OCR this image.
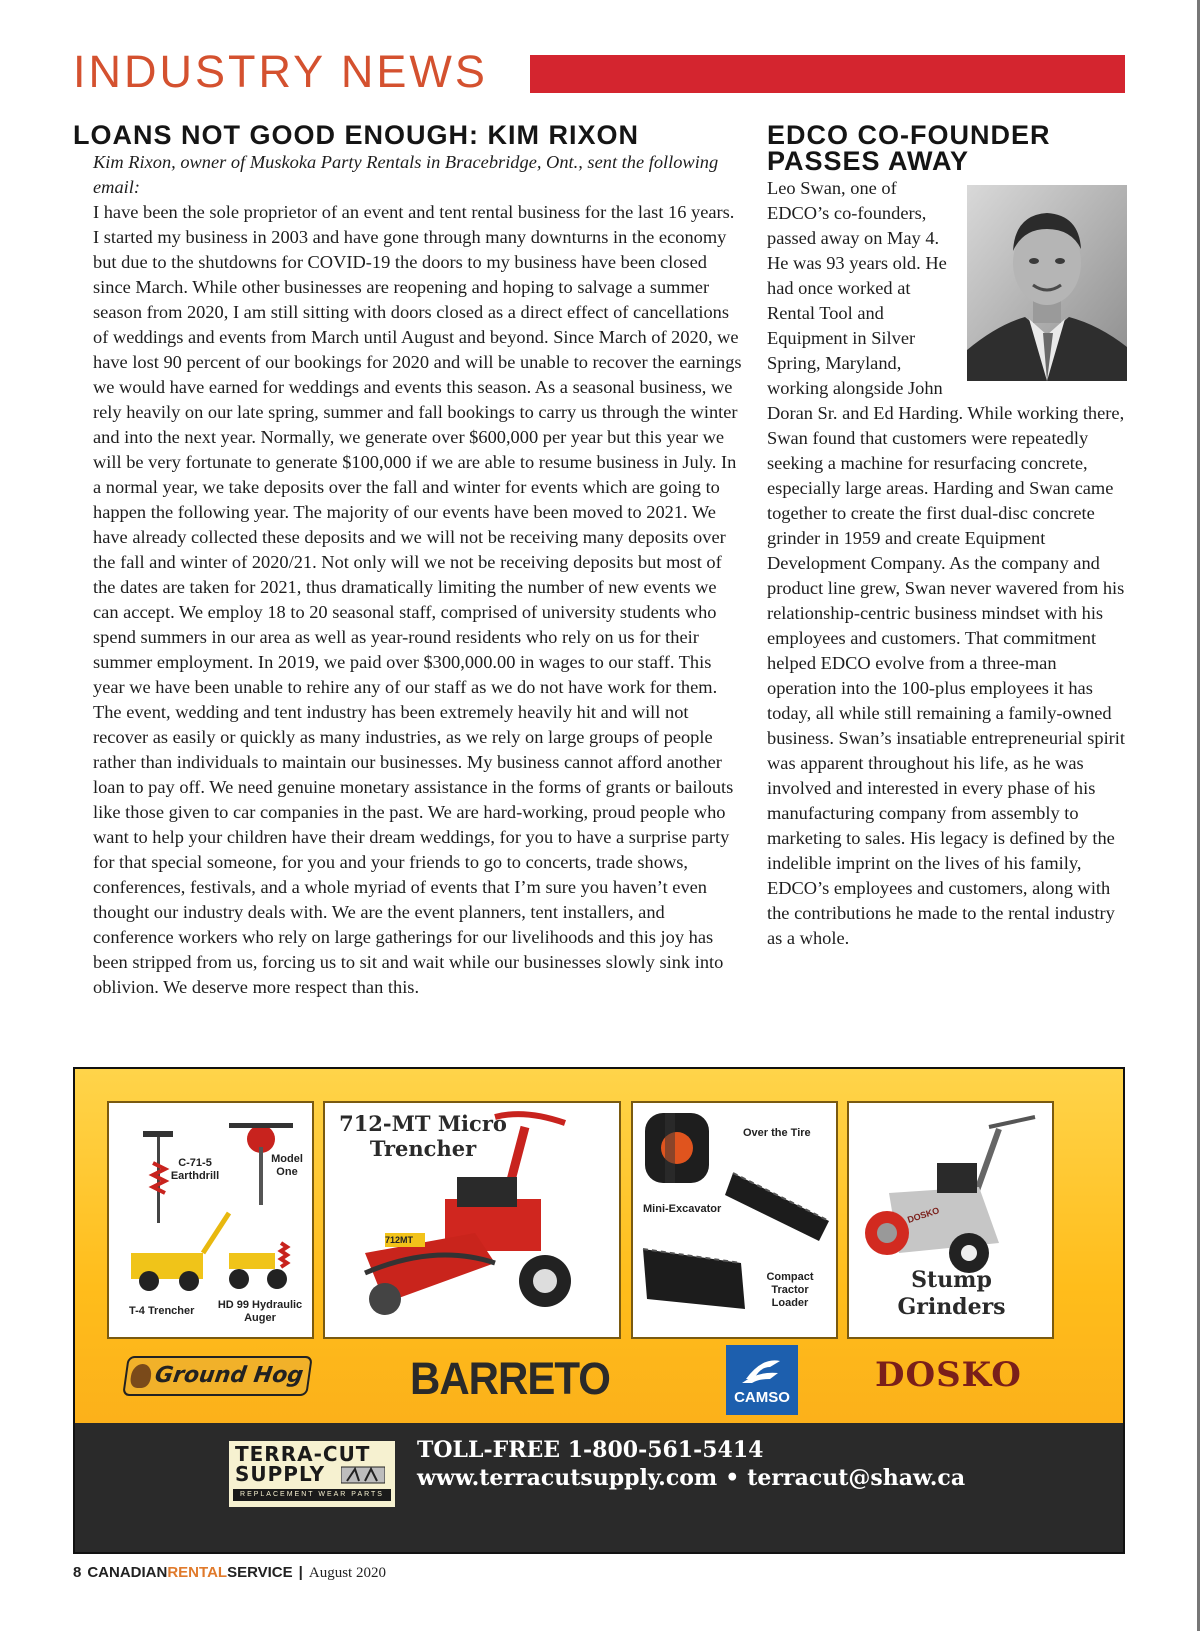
INDUSTRY NEWS
LOANS NOT GOOD ENOUGH: KIM RIXON

Kim Rixon, owner of Muskoka Party Rentals in Bracebridge, Ont., sent the following email:

I have been the sole proprietor of an event and tent rental business for the last 16 years. I started my business in 2003 and have gone through many downturns in the economy but due to the shutdowns for COVID-19 the doors to my business have been closed since March. While other businesses are reopening and hoping to salvage a summer season from 2020, I am still sitting with doors closed as a direct effect of cancellations of weddings and events from March until August and beyond. Since March of 2020, we have lost 90 percent of our bookings for 2020 and will be unable to recover the earnings we would have earned for weddings and events this season. As a seasonal business, we rely heavily on our late spring, summer and fall bookings to carry us through the winter and into the next year. Normally, we generate over $600,000 per year but this year we will be very fortunate to generate $100,000 if we are able to resume business in July. In a normal year, we take deposits over the fall and winter for events which are going to happen the following year. The majority of our events have been moved to 2021. We have already collected these deposits and we will not be receiving many deposits over the fall and winter of 2020/21. Not only will we not be receiving deposits but most of the dates are taken for 2021, thus dramatically limiting the number of new events we can accept. We employ 18 to 20 seasonal staff, comprised of university students who spend summers in our area as well as year-round residents who rely on us for their summer employment. In 2019, we paid over $300,000.00 in wages to our staff. This year we have been unable to rehire any of our staff as we do not have work for them. The event, wedding and tent industry has been extremely heavily hit and will not recover as easily or quickly as many industries, as we rely on large groups of people rather than individuals to maintain our businesses. My business cannot afford another loan to pay off. We need genuine monetary assistance in the forms of grants or bailouts like those given to car companies in the past. We are hard-working, proud people who want to help your children have their dream weddings, for you to have a surprise party for that special someone, for you and your friends to go to concerts, trade shows, conferences, festivals, and a whole myriad of events that I’m sure you haven’t even thought our industry deals with. We are the event planners, tent installers, and conference workers who rely on large gatherings for our livelihoods and this joy has been stripped from us, forcing us to sit and wait while our businesses slowly sink into oblivion. We deserve more respect than this.

EDCO CO-FOUNDER PASSES AWAY

Leo Swan, one of EDCO’s co-founders, passed away on May 4. He was 93 years old. He had once worked at Rental Tool and Equipment in Silver Spring, Maryland, working alongside John Doran Sr. and Ed Harding. While working there, Swan found that customers were repeatedly seeking a machine for resurfacing concrete, especially large areas. Harding and Swan came together to create the first dual-disc concrete grinder in 1959 and create Equipment Development Company. As the company and product line grew, Swan never wavered from his relationship-centric business mindset with his employees and customers. That commitment helped EDCO evolve from a three-man operation into the 100-plus employees it has today, all while still remaining a family-owned business. Swan’s insatiable entrepreneurial spirit was apparent throughout his life, as he was involved and interested in every phase of his manufacturing company from assembly to marketing to sales. His legacy is defined by the indelible imprint on the lives of his family, EDCO’s employees and customers, along with the contributions he made to the rental industry as a whole.

C-71-5 Earthdrill
Model One
T-4 Trencher	HD 99 Hydraulic Auger
712-MT Micro Trencher
712MT
Over the Tire
Mini-Excavator
Compact Tractor Loader
DOSKO
Stump Grinders
Ground Hog	BARRETO	CAMSO
DOSKO
TERRA-CUT
SUPPLY
REPLACEMENT WEAR PARTS
TOLL-FREE 1-800-561-5414
www.terracutsupply.com • terracut@shaw.ca
8 CANADIANRENTALSERVICE | August 2020
